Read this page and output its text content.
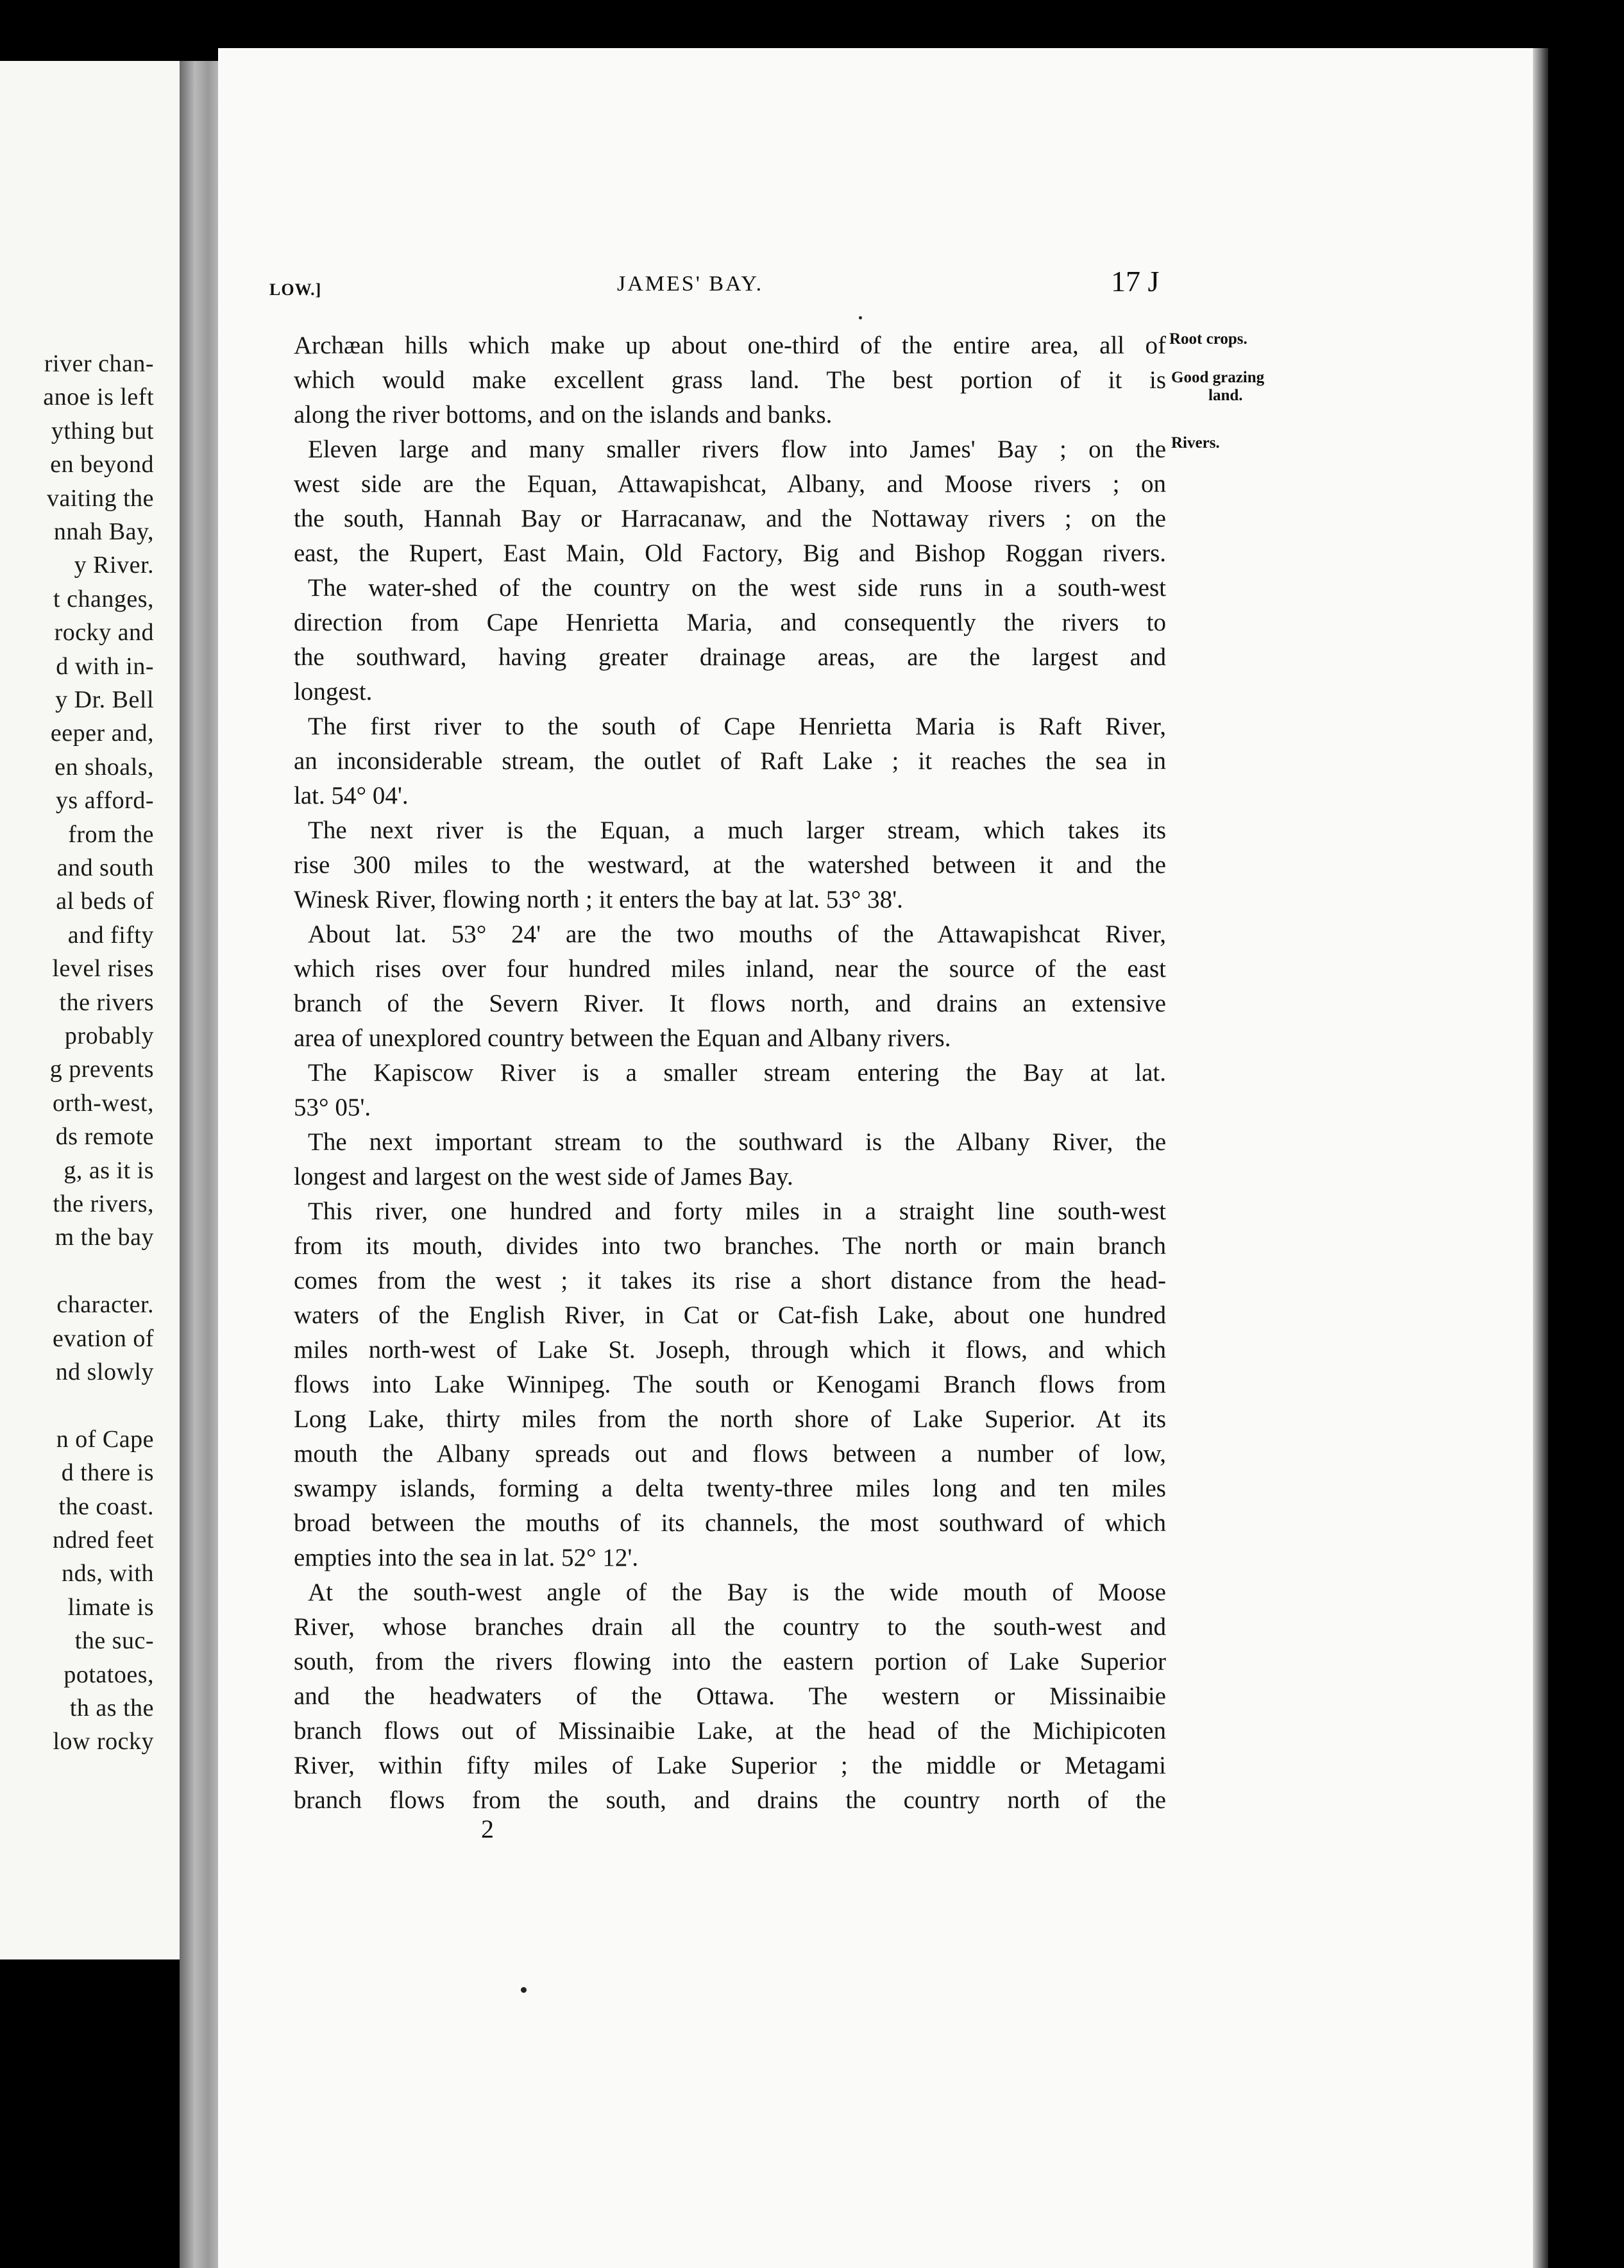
river chan-
anoe is left
ything but
en beyond
vaiting the
nnah Bay,
y River.
t changes,
rocky and
d with in-
y Dr. Bell
eeper and,
en shoals,
ys afford-
from the
and south
al beds of
and fifty
level rises
the rivers
probably
g prevents
orth-west,
ds remote
g, as it is
the rivers,
m the bay
character.
evation of
nd slowly
n of Cape
d there is
the coast.
ndred feet
nds, with
limate is
the suc-
potatoes,
th as the
low rocky
LOW.]	JAMES' BAY.	17 J
Root crops.
Good grazing
land.
Rivers.
Archæan hills which make up about one-third of the entire area, all of
which would make excellent grass land. The best portion of it is
along the river bottoms, and on the islands and banks.
Eleven large and many smaller rivers flow into James' Bay ; on the
west side are the Equan, Attawapishcat, Albany, and Moose rivers ; on
the south, Hannah Bay or Harracanaw, and the Nottaway rivers ; on the
east, the Rupert, East Main, Old Factory, Big and Bishop Roggan rivers.
The water-shed of the country on the west side runs in a south-west
direction from Cape Henrietta Maria, and consequently the rivers to
the southward, having greater drainage areas, are the largest and
longest.
The first river to the south of Cape Henrietta Maria is Raft River,
an inconsiderable stream, the outlet of Raft Lake ; it reaches the sea in
lat. 54° 04'.
The next river is the Equan, a much larger stream, which takes its
rise 300 miles to the westward, at the watershed between it and the
Winesk River, flowing north ; it enters the bay at lat. 53° 38'.
About lat. 53° 24' are the two mouths of the Attawapishcat River,
which rises over four hundred miles inland, near the source of the east
branch of the Severn River. It flows north, and drains an extensive
area of unexplored country between the Equan and Albany rivers.
The Kapiscow River is a smaller stream entering the Bay at lat.
53° 05'.
The next important stream to the southward is the Albany River, the
longest and largest on the west side of James Bay.
This river, one hundred and forty miles in a straight line south-west
from its mouth, divides into two branches. The north or main branch
comes from the west ; it takes its rise a short distance from the head-
waters of the English River, in Cat or Cat-fish Lake, about one hundred
miles north-west of Lake St. Joseph, through which it flows, and which
flows into Lake Winnipeg. The south or Kenogami Branch flows from
Long Lake, thirty miles from the north shore of Lake Superior. At its
mouth the Albany spreads out and flows between a number of low,
swampy islands, forming a delta twenty-three miles long and ten miles
broad between the mouths of its channels, the most southward of which
empties into the sea in lat. 52° 12'.
At the south-west angle of the Bay is the wide mouth of Moose
River, whose branches drain all the country to the south-west and
south, from the rivers flowing into the eastern portion of Lake Superior
and the headwaters of the Ottawa. The western or Missinaibie
branch flows out of Missinaibie Lake, at the head of the Michipicoten
River, within fifty miles of Lake Superior ; the middle or Metagami
branch flows from the south, and drains the country north of the
2
